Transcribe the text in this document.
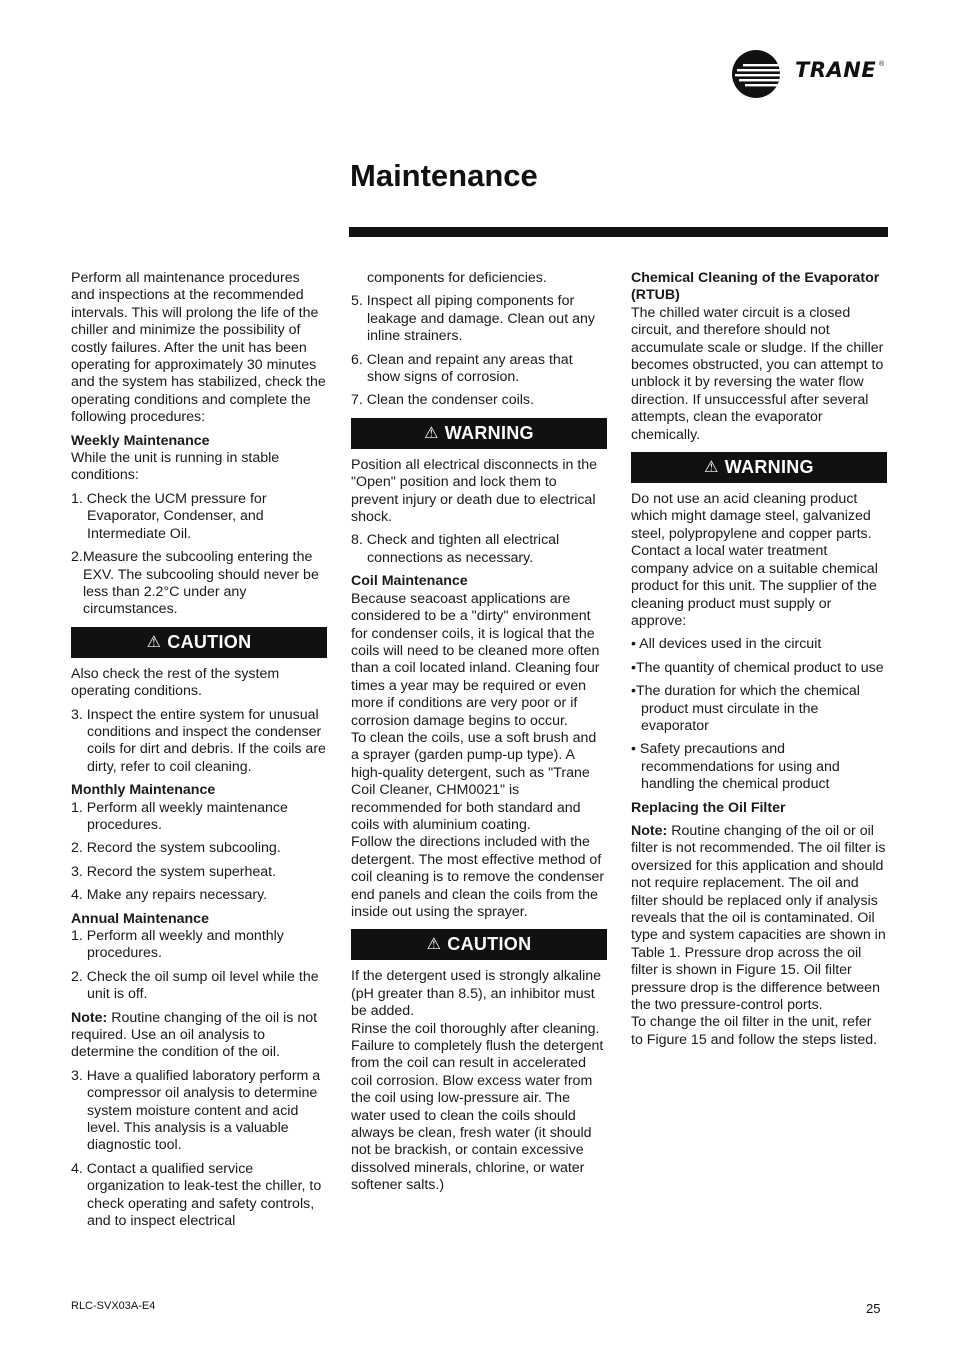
TRANE ®
Maintenance

Perform all maintenance procedures and inspections at the recommended intervals. This will prolong the life of the chiller and minimize the possibility of costly failures. After the unit has been operating for approximately 30 minutes and the system has stabilized, check the operating conditions and complete the following procedures:

Weekly Maintenance

While the unit is running in stable conditions:

1. Check the UCM pressure for Evaporator, Condenser, and Intermediate Oil.

2.Measure the subcooling entering the EXV. The subcooling should never be less than 2.2°C under any circumstances.

⚠ CAUTION

Also check the rest of the system operating conditions.

3. Inspect the entire system for unusual conditions and inspect the condenser coils for dirt and debris. If the coils are dirty, refer to coil cleaning.

Monthly Maintenance

1. Perform all weekly maintenance procedures.

2. Record the system subcooling.

3. Record the system superheat.

4. Make any repairs necessary.

Annual Maintenance

1. Perform all weekly and monthly procedures.

2. Check the oil sump oil level while the unit is off.

Note: Routine changing of the oil is not required. Use an oil analysis to determine the condition of the oil.

3. Have a qualified laboratory perform a compressor oil analysis to determine system moisture content and acid level. This analysis is a valuable diagnostic tool.

4. Contact a qualified service organization to leak-test the chiller, to check operating and safety controls, and to inspect electrical

components for deficiencies.

5. Inspect all piping components for leakage and damage. Clean out any inline strainers.

6. Clean and repaint any areas that show signs of corrosion.

7. Clean the condenser coils.

⚠ WARNING

Position all electrical disconnects in the "Open" position and lock them to prevent injury or death due to electrical shock.

8. Check and tighten all electrical connections as necessary.

Coil Maintenance

Because seacoast applications are considered to be a "dirty" environment for condenser coils, it is logical that the coils will need to be cleaned more often than a coil located inland. Cleaning four times a year may be required or even more if conditions are very poor or if corrosion damage begins to occur.

To clean the coils, use a soft brush and a sprayer (garden pump-up type). A high-quality detergent, such as "Trane Coil Cleaner, CHM0021" is recommended for both standard and coils with aluminium coating.

Follow the directions included with the detergent. The most effective method of coil cleaning is to remove the condenser end panels and clean the coils from the inside out using the sprayer.

⚠ CAUTION

If the detergent used is strongly alkaline (pH greater than 8.5), an inhibitor must be added.

Rinse the coil thoroughly after cleaning. Failure to completely flush the detergent from the coil can result in accelerated coil corrosion. Blow excess water from the coil using low-pressure air. The water used to clean the coils should always be clean, fresh water (it should not be brackish, or contain excessive dissolved minerals, chlorine, or water softener salts.)

Chemical Cleaning of the Evaporator (RTUB)

The chilled water circuit is a closed circuit, and therefore should not accumulate scale or sludge. If the chiller becomes obstructed, you can attempt to unblock it by reversing the water flow direction. If unsuccessful after several attempts, clean the evaporator chemically.

⚠ WARNING

Do not use an acid cleaning product which might damage steel, galvanized steel, polypropylene and copper parts.

Contact a local water treatment company advice on a suitable chemical product for this unit. The supplier of the cleaning product must supply or approve:

• All devices used in the circuit

•The quantity of chemical product to use

•The duration for which the chemical product must circulate in the evaporator

• Safety precautions and recommendations for using and handling the chemical product

Replacing the Oil Filter

Note: Routine changing of the oil or oil filter is not recommended. The oil filter is oversized for this application and should not require replacement. The oil and filter should be replaced only if analysis reveals that the oil is contaminated. Oil type and system capacities are shown in Table 1. Pressure drop across the oil filter is shown in Figure 15. Oil filter pressure drop is the difference between the two pressure-control ports.

To change the oil filter in the unit, refer to Figure 15 and follow the steps listed.

RLC-SVX03A-E4	25
